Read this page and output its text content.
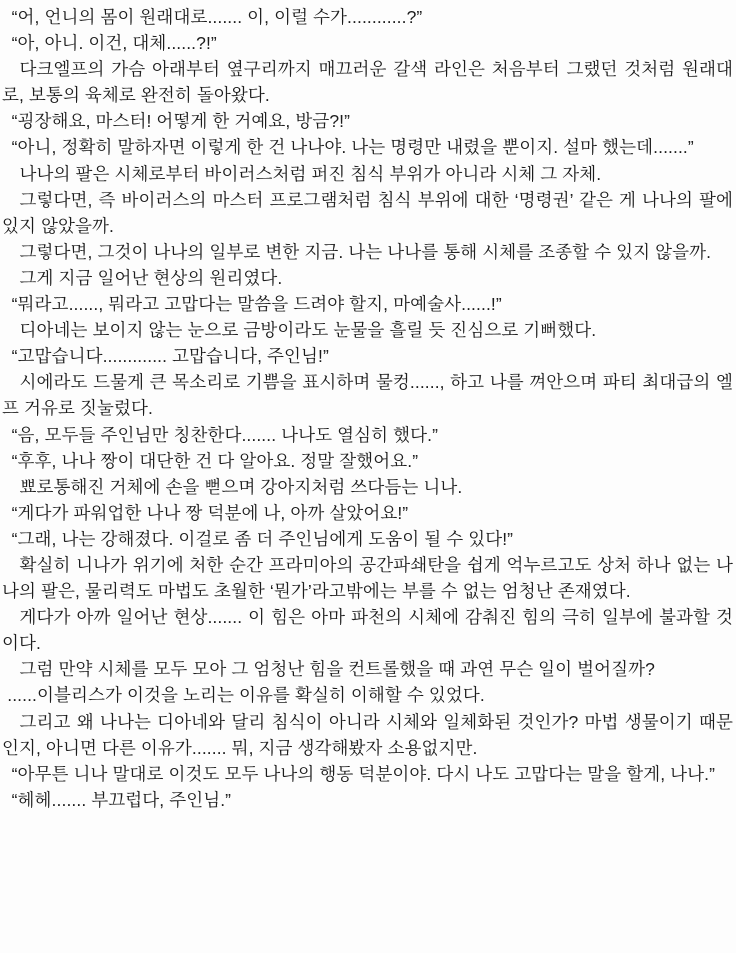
“어, 언니의 몸이 원래대로....... 이, 이럴 수가............?”

“아, 아니. 이건, 대체......?!”

다크엘프의 가슴 아래부터 옆구리까지 매끄러운 갈색 라인은 처음부터 그랬던 것처럼 원래대로, 보통의 육체로 완전히 돌아왔다.

“굉장해요, 마스터! 어떻게 한 거예요, 방금?!”

“아니, 정확히 말하자면 이렇게 한 건 나나야. 나는 명령만 내렸을 뿐이지. 설마 했는데.......”

나나의 팔은 시체로부터 바이러스처럼 퍼진 침식 부위가 아니라 시체 그 자체.

그렇다면, 즉 바이러스의 마스터 프로그램처럼 침식 부위에 대한 ‘명령권’ 같은 게 나나의 팔에 있지 않았을까.

그렇다면, 그것이 나나의 일부로 변한 지금. 나는 나나를 통해 시체를 조종할 수 있지 않을까.

그게 지금 일어난 현상의 원리였다.

“뭐라고......, 뭐라고 고맙다는 말씀을 드려야 할지, 마예술사......!”

디아네는 보이지 않는 눈으로 금방이라도 눈물을 흘릴 듯 진심으로 기뻐했다.

“고맙습니다............. 고맙습니다, 주인님!”

시에라도 드물게 큰 목소리로 기쁨을 표시하며 물컹......, 하고 나를 껴안으며 파티 최대급의 엘프 거유로 짓눌렀다.

“음, 모두들 주인님만 칭찬한다....... 나나도 열심히 했다.”

“후후, 나나 짱이 대단한 건 다 알아요. 정말 잘했어요.”

뾰로통해진 거체에 손을 뻗으며 강아지처럼 쓰다듬는 니나.

“게다가 파워업한 나나 짱 덕분에 나, 아까 살았어요!”

“그래, 나는 강해졌다. 이걸로 좀 더 주인님에게 도움이 될 수 있다!”

확실히 니나가 위기에 처한 순간 프라미아의 공간파쇄탄을 쉽게 억누르고도 상처 하나 없는 나나의 팔은, 물리력도 마법도 초월한 ‘뭔가’라고밖에는 부를 수 없는 엄청난 존재였다.

게다가 아까 일어난 현상....... 이 힘은 아마 파천의 시체에 감춰진 힘의 극히 일부에 불과할 것이다.

그럼 만약 시체를 모두 모아 그 엄청난 힘을 컨트롤했을 때 과연 무슨 일이 벌어질까?

......이블리스가 이것을 노리는 이유를 확실히 이해할 수 있었다.

그리고 왜 나나는 디아네와 달리 침식이 아니라 시체와 일체화된 것인가? 마법 생물이기 때문인지, 아니면 다른 이유가....... 뭐, 지금 생각해봤자 소용없지만.

“아무튼 니나 말대로 이것도 모두 나나의 행동 덕분이야. 다시 나도 고맙다는 말을 할게, 나나.”

“헤헤....... 부끄럽다, 주인님.”
